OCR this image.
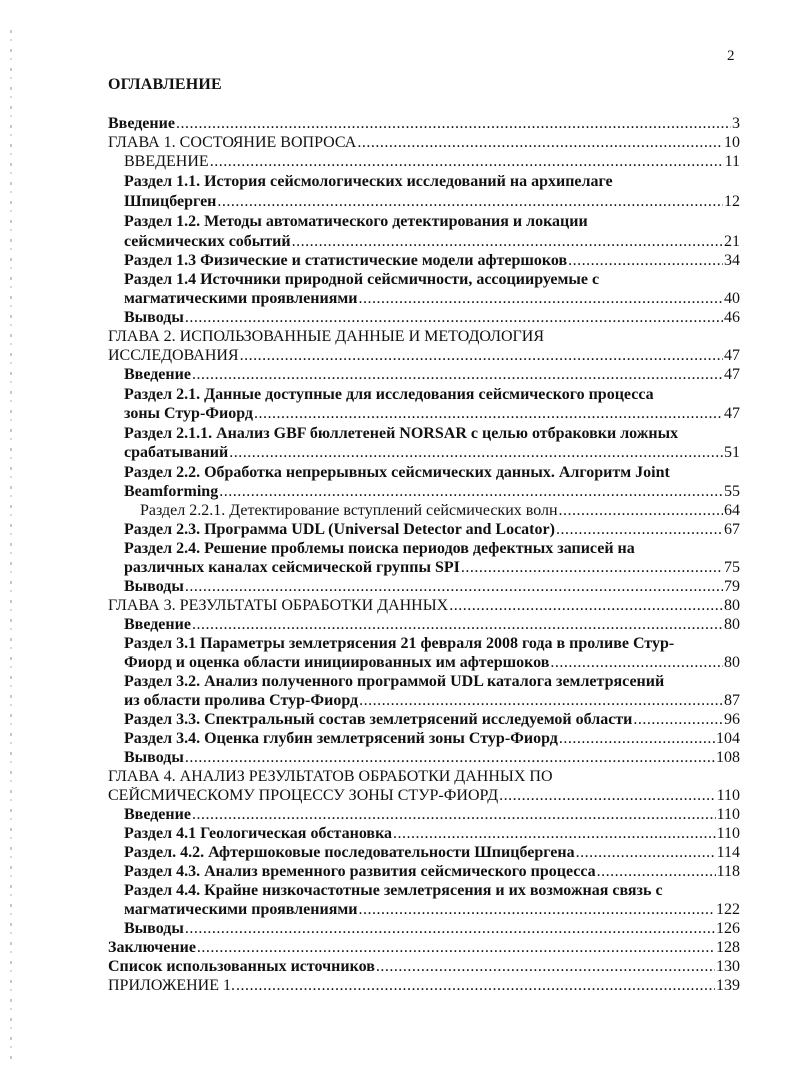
2
ОГЛАВЛЕНИЕ
Введение .....	3
ГЛАВА 1. СОСТОЯНИЕ ВОПРОСА .....	10
ВВЕДЕНИЕ .....	11
Раздел 1.1. История сейсмологических исследований на архипелаге
Шпицберген .....	12
Раздел 1.2. Методы автоматического детектирования и локации
сейсмических событий .....	21
Раздел 1.3 Физические и статистические модели афтершоков .....	34
Раздел 1.4 Источники природной сейсмичности, ассоциируемые с
магматическими проявлениями .....	40
Выводы .....	46
ГЛАВА 2. ИСПОЛЬЗОВАННЫЕ ДАННЫЕ И МЕТОДОЛОГИЯ
ИССЛЕДОВАНИЯ .....	47
Введение .....	47
Раздел 2.1. Данные доступные для исследования сейсмического процесса
зоны Стур-Фиорд .....	47
Раздел 2.1.1. Анализ GBF бюллетеней NORSAR с целью отбраковки ложных
срабатываний .....	51
Раздел 2.2. Обработка непрерывных сейсмических данных. Алгоритм Joint
Beamforming .....	55
Раздел 2.2.1. Детектирование вступлений сейсмических волн .....	64
Раздел 2.3. Программа UDL (Universal Detector and Locator) .....	67
Раздел 2.4. Решение проблемы поиска периодов дефектных записей на
различных каналах сейсмической группы SPI .....	75
Выводы .....	79
ГЛАВА 3. РЕЗУЛЬТАТЫ ОБРАБОТКИ ДАННЫХ .....	80
Введение .....	80
Раздел 3.1 Параметры землетрясения 21 февраля 2008 года в проливе Стур-
Фиорд и оценка области инициированных им афтершоков .....	80
Раздел 3.2. Анализ полученного программой UDL каталога землетрясений
из области пролива Стур-Фиорд .....	87
Раздел 3.3. Спектральный состав землетрясений исследуемой области .....	96
Раздел 3.4. Оценка глубин землетрясений зоны Стур-Фиорд .....	104
Выводы .....	108
ГЛАВА 4. АНАЛИЗ РЕЗУЛЬТАТОВ ОБРАБОТКИ ДАННЫХ ПО
СЕЙСМИЧЕСКОМУ ПРОЦЕССУ ЗОНЫ СТУР-ФИОРД .....	110
Введение .....	110
Раздел 4.1 Геологическая обстановка .....	110
Раздел. 4.2. Афтершоковые последовательности Шпицбергена .....	114
Раздел 4.3. Анализ временного развития сейсмического процесса .....	118
Раздел 4.4. Крайне низкочастотные землетрясения и их возможная связь с
магматическими проявлениями .....	122
Выводы .....	126
Заключение .....	128
Список использованных источников .....	130
ПРИЛОЖЕНИЕ 1. .....	139
